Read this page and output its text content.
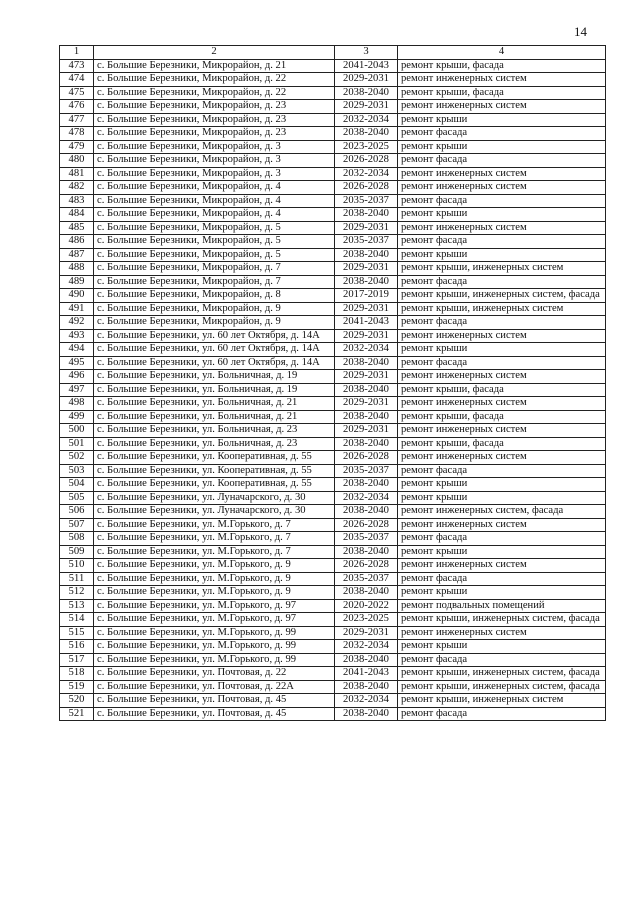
14
1	2	3	4
473	с. Большие Березники, Микрорайон, д. 21	2041-2043	ремонт крыши, фасада
474	с. Большие Березники, Микрорайон, д. 22	2029-2031	ремонт инженерных систем
475	с. Большие Березники, Микрорайон, д. 22	2038-2040	ремонт крыши, фасада
476	с. Большие Березники, Микрорайон, д. 23	2029-2031	ремонт инженерных систем
477	с. Большие Березники, Микрорайон, д. 23	2032-2034	ремонт крыши
478	с. Большие Березники, Микрорайон, д. 23	2038-2040	ремонт фасада
479	с. Большие Березники, Микрорайон, д. 3	2023-2025	ремонт крыши
480	с. Большие Березники, Микрорайон, д. 3	2026-2028	ремонт фасада
481	с. Большие Березники, Микрорайон, д. 3	2032-2034	ремонт инженерных систем
482	с. Большие Березники, Микрорайон, д. 4	2026-2028	ремонт инженерных систем
483	с. Большие Березники, Микрорайон, д. 4	2035-2037	ремонт фасада
484	с. Большие Березники, Микрорайон, д. 4	2038-2040	ремонт крыши
485	с. Большие Березники, Микрорайон, д. 5	2029-2031	ремонт инженерных систем
486	с. Большие Березники, Микрорайон, д. 5	2035-2037	ремонт фасада
487	с. Большие Березники, Микрорайон, д. 5	2038-2040	ремонт крыши
488	с. Большие Березники, Микрорайон, д. 7	2029-2031	ремонт крыши, инженерных систем
489	с. Большие Березники, Микрорайон, д. 7	2038-2040	ремонт фасада
490	с. Большие Березники, Микрорайон, д. 8	2017-2019	ремонт крыши, инженерных систем, фасада
491	с. Большие Березники, Микрорайон, д. 9	2029-2031	ремонт крыши, инженерных систем
492	с. Большие Березники, Микрорайон, д. 9	2041-2043	ремонт фасада
493	с. Большие Березники, ул. 60 лет Октября, д. 14А	2029-2031	ремонт инженерных систем
494	с. Большие Березники, ул. 60 лет Октября, д. 14А	2032-2034	ремонт крыши
495	с. Большие Березники, ул. 60 лет Октября, д. 14А	2038-2040	ремонт фасада
496	с. Большие Березники, ул. Больничная, д. 19	2029-2031	ремонт инженерных систем
497	с. Большие Березники, ул. Больничная, д. 19	2038-2040	ремонт крыши, фасада
498	с. Большие Березники, ул. Больничная, д. 21	2029-2031	ремонт инженерных систем
499	с. Большие Березники, ул. Больничная, д. 21	2038-2040	ремонт крыши, фасада
500	с. Большие Березники, ул. Больничная, д. 23	2029-2031	ремонт инженерных систем
501	с. Большие Березники, ул. Больничная, д. 23	2038-2040	ремонт крыши, фасада
502	с. Большие Березники, ул. Кооперативная, д. 55	2026-2028	ремонт инженерных систем
503	с. Большие Березники, ул. Кооперативная, д. 55	2035-2037	ремонт фасада
504	с. Большие Березники, ул. Кооперативная, д. 55	2038-2040	ремонт крыши
505	с. Большие Березники, ул. Луначарского, д. 30	2032-2034	ремонт крыши
506	с. Большие Березники, ул. Луначарского, д. 30	2038-2040	ремонт инженерных систем, фасада
507	с. Большие Березники, ул. М.Горького, д. 7	2026-2028	ремонт инженерных систем
508	с. Большие Березники, ул. М.Горького, д. 7	2035-2037	ремонт фасада
509	с. Большие Березники, ул. М.Горького, д. 7	2038-2040	ремонт крыши
510	с. Большие Березники, ул. М.Горького, д. 9	2026-2028	ремонт инженерных систем
511	с. Большие Березники, ул. М.Горького, д. 9	2035-2037	ремонт фасада
512	с. Большие Березники, ул. М.Горького, д. 9	2038-2040	ремонт крыши
513	с. Большие Березники, ул. М.Горького, д. 97	2020-2022	ремонт подвальных помещений
514	с. Большие Березники, ул. М.Горького, д. 97	2023-2025	ремонт крыши, инженерных систем, фасада
515	с. Большие Березники, ул. М.Горького, д. 99	2029-2031	ремонт инженерных систем
516	с. Большие Березники, ул. М.Горького, д. 99	2032-2034	ремонт крыши
517	с. Большие Березники, ул. М.Горького, д. 99	2038-2040	ремонт фасада
518	с. Большие Березники, ул. Почтовая, д. 22	2041-2043	ремонт крыши, инженерных систем, фасада
519	с. Большие Березники, ул. Почтовая, д. 22А	2038-2040	ремонт крыши, инженерных систем, фасада
520	с. Большие Березники, ул. Почтовая, д. 45	2032-2034	ремонт крыши, инженерных систем
521	с. Большие Березники, ул. Почтовая, д. 45	2038-2040	ремонт фасада
